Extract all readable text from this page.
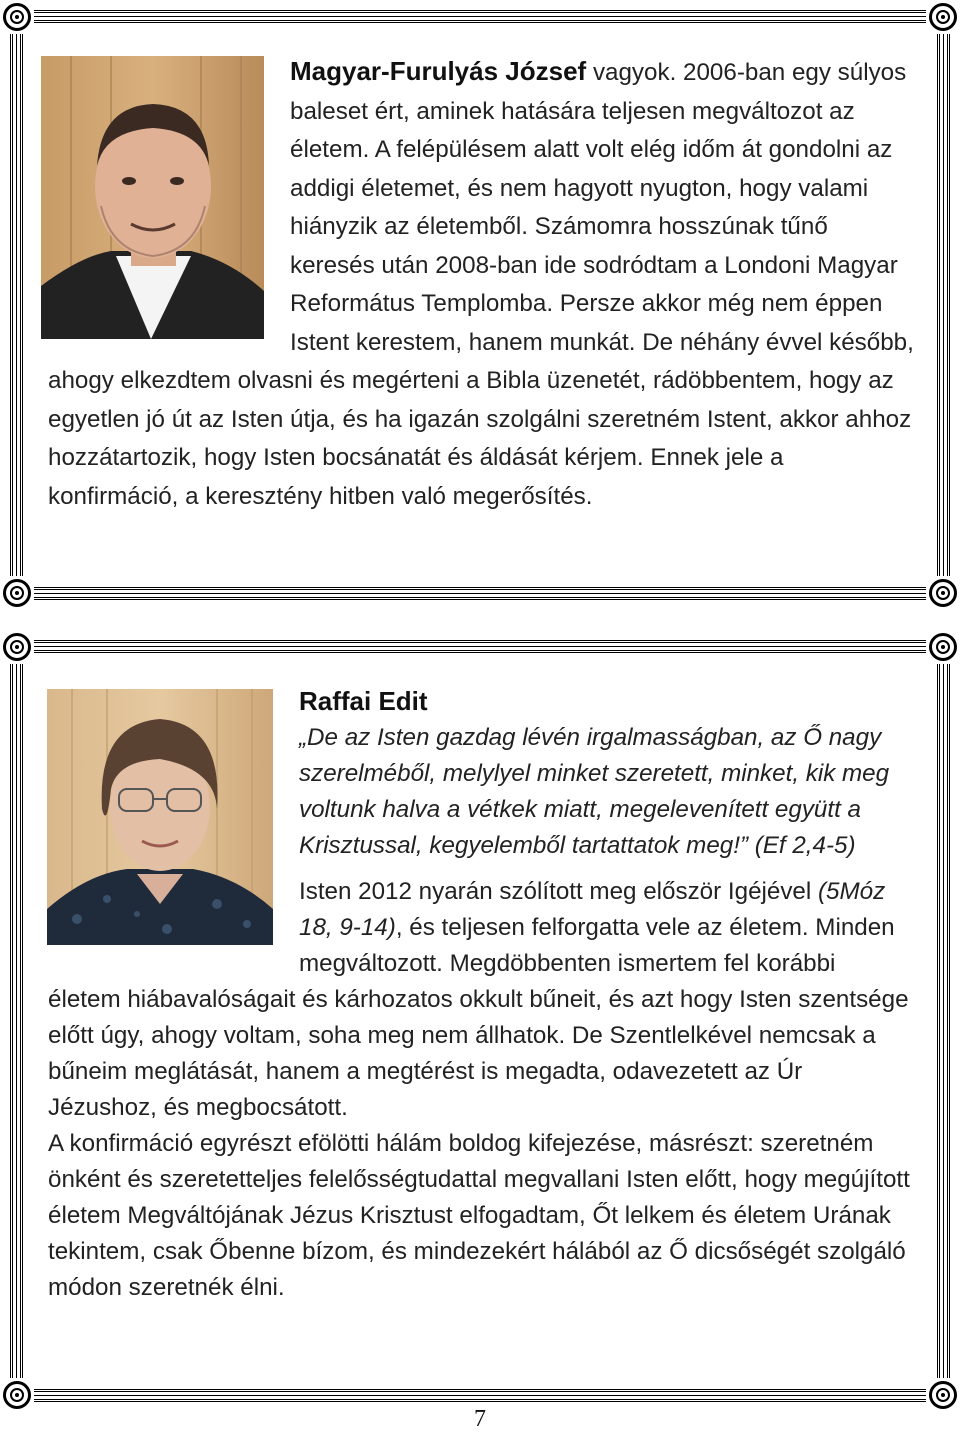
Magyar-Furulyás József vagyok. 2006-ban egy súlyos baleset ért, aminek hatására teljesen megváltozot az életem. A felépülésem alatt volt elég időm át gondolni az addigi életemet, és nem hagyott nyugton, hogy valami hiányzik az életemből. Számomra hosszúnak tűnő keresés után 2008-ban ide sodródtam a Londoni Magyar Református Templomba. Persze akkor még nem éppen Istent kerestem, hanem munkát. De néhány évvel később, ahogy elkezdtem olvasni és megérteni a Bibla üzenetét, rádöbbentem, hogy az egyetlen jó út az Isten útja, és ha igazán szolgálni szeretném Istent, akkor ahhoz hozzátartozik, hogy Isten bocsánatát és áldását kérjem. Ennek jele a konfirmáció, a keresztény hitben való megerősítés.
Raffai Edit
„De az Isten gazdag lévén irgalmasságban, az Ő nagy szerelméből, melylyel minket szeretett, minket, kik meg voltunk halva a vétkek miatt, megelevenített együtt a Krisztussal, kegyelemből tartattatok meg!” (Ef 2,4-5)
Isten 2012 nyarán szólított meg először Igéjével (5Móz 18, 9-14), és teljesen felforgatta vele az életem. Minden megváltozott. Megdöbbenten ismertem fel korábbi életem hiábavalóságait és kárhozatos okkult bűneit, és azt hogy Isten szentsége előtt úgy, ahogy voltam, soha meg nem állhatok. De Szentlelkével nemcsak a bűneim meglátását, hanem a megtérést is megadta, odavezetett az Úr Jézushoz, és megbocsátott.
A konfirmáció egyrészt efölötti hálám boldog kifejezése, másrészt: szeretném önként és szeretetteljes felelősségtudattal megvallani Isten előtt, hogy megújított életem Megváltójának Jézus Krisztust elfogadtam, Őt lelkem és életem Urának tekintem, csak Őbenne bízom, és mindezekért hálából az Ő dicsőségét szolgáló módon szeretnék élni.
7
